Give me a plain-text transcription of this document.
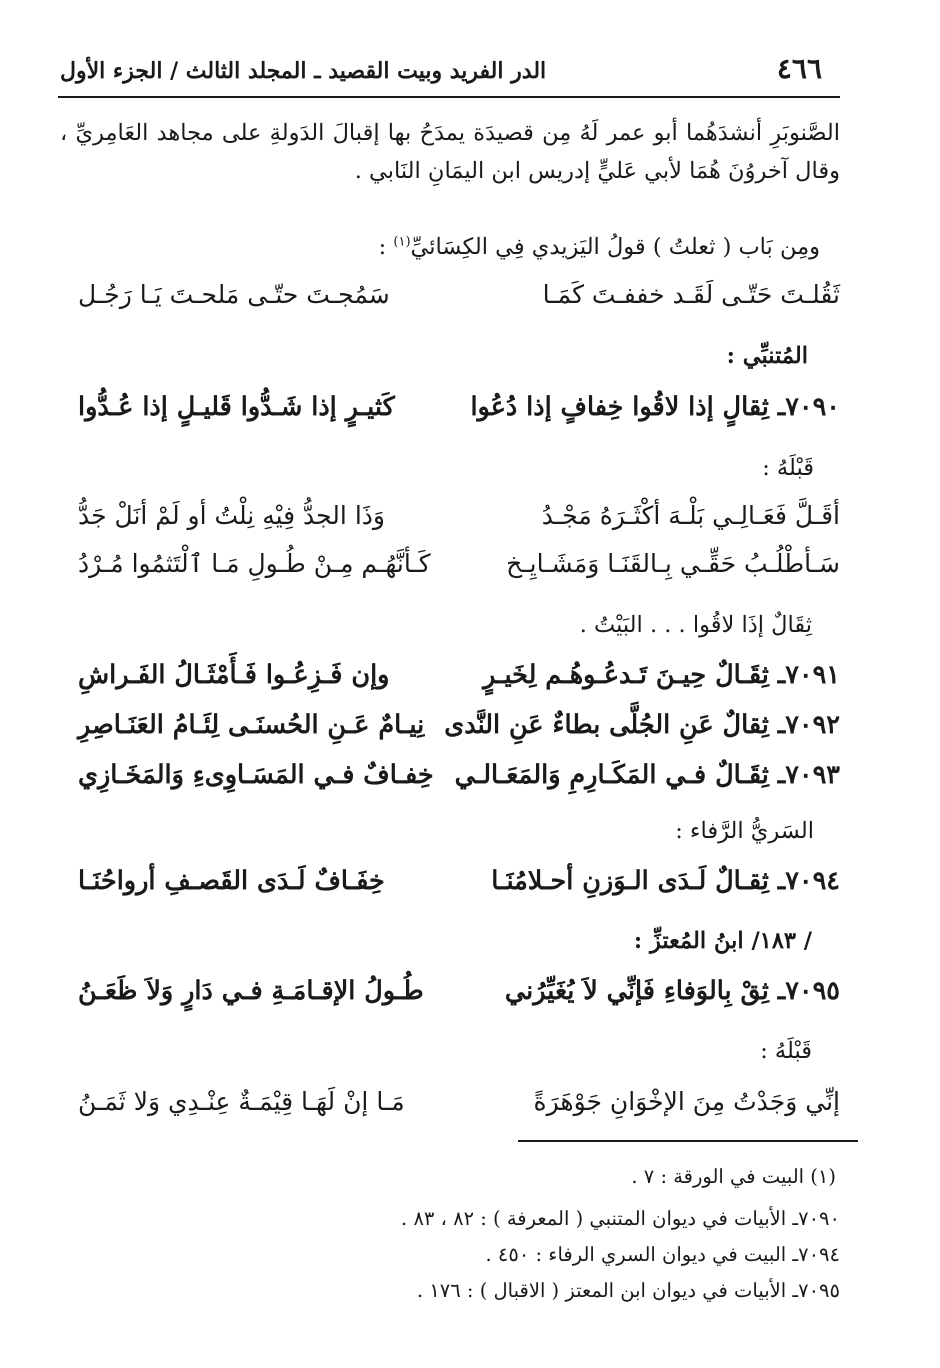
٤٦٦
الدر الفريد وبيت القصيد ـ المجلد الثالث / الجزء الأول
الصَّنوبَرِ أنشدَهُما أبو عمر لَهُ مِن قصيدَة يمدَحُ بها إقبالَ الدَولةِ على مجاهد العَامِريِّ ، وقال آخروُنَ هُمَا لأبي عَليٍّ إدريس ابن اليمَانِ النَابي .
ومِن بَاب ( ثعلتُ ) قولُ اليَزيدي فِي الكِسَائيِّ$^{(١)}$ :
ثَقُلـتَ حَتّـى لَقَـد خففـتَ كَمَـا
سَمُجـتَ حتّـى مَلحـتَ يَـا رَجُـل
المُتنبِّي :
٧٠٩٠ـ ثِقالٍ إذا لاقُوا خِفافٍ إذا دُعُوا
كَثيـرٍ إذا شَـدُّوا قَليـلٍ إذا عُـدُّوا
قَبْلَهُ :
أقَـلَّ فَعَـالِـي بَلْـهَ أكْثَـرَهُ مَجْـدُ
وَذَا الجدُّ فِيْهِ نِلْتُ أو لَمْ أنَلْ جَدُّ
سَـأطْلُـبُ حَقِّـي بِـالقَنَـا وَمَشَـايِـخ
كَـأنَّهُـم مِـنْ طُـولِ مَـا ٱلْتَثمُوا مُـرْدُ
ثِقَالٌ إذَا لاقُوا . . . البَيْتُ .
٧٠٩١ـ ثِقَـالٌ حِيـنَ تَـدعُـوهُـم لِخَيـرٍ
وإن فَـزِعُـوا فَـأَمْثَـالُ الفَـراشِ
٧٠٩٢ـ ثِقالٌ عَنِ الجُلَّى بطاءٌ عَنِ النَّدى
نِيـامٌ عَـنِ الحُسنَـى لِئَـامُ العَنَـاصِرِ
٧٠٩٣ـ ثِقَـالٌ فـي المَكَـارِمِ وَالمَعَـالـي
خِفـافٌ فـي المَسَـاوِىءِ وَالمَخَـازِي
السَريُّ الرَّفاء :
٧٠٩٤ـ ثِقـالٌ لَـدَى الـوَزنِ أحـلامُنَـا
خِفَـافٌ لَـدَى القَصـفِ أرواحُنَـا
/ ١٨٣/ ابنُ المُعتزِّ :
٧٠٩٥ـ ثِقْ بِالوَفاءِ فَإنِّي لاَ يُغَيِّرُني
طُـولُ الإقـامَـةِ فـي دَارٍ وَلاَ ظَعَـنُ
قَبْلَهُ :
إنِّي وَجَدْتُ مِنَ الإخْوَانِ جَوْهَرَةً
مَـا إنْ لَهَـا قِيْمَـةٌ عِنْـدِي وَلا ثَمَـنُ
(١) البيت في الورقة : ٧ .
٧٠٩٠ـ الأبيات في ديوان المتنبي ( المعرفة ) : ٨٢ ، ٨٣ .
٧٠٩٤ـ البيت في ديوان السري الرفاء : ٤٥٠ .
٧٠٩٥ـ الأبيات في ديوان ابن المعتز ( الاقبال ) : ١٧٦ .
